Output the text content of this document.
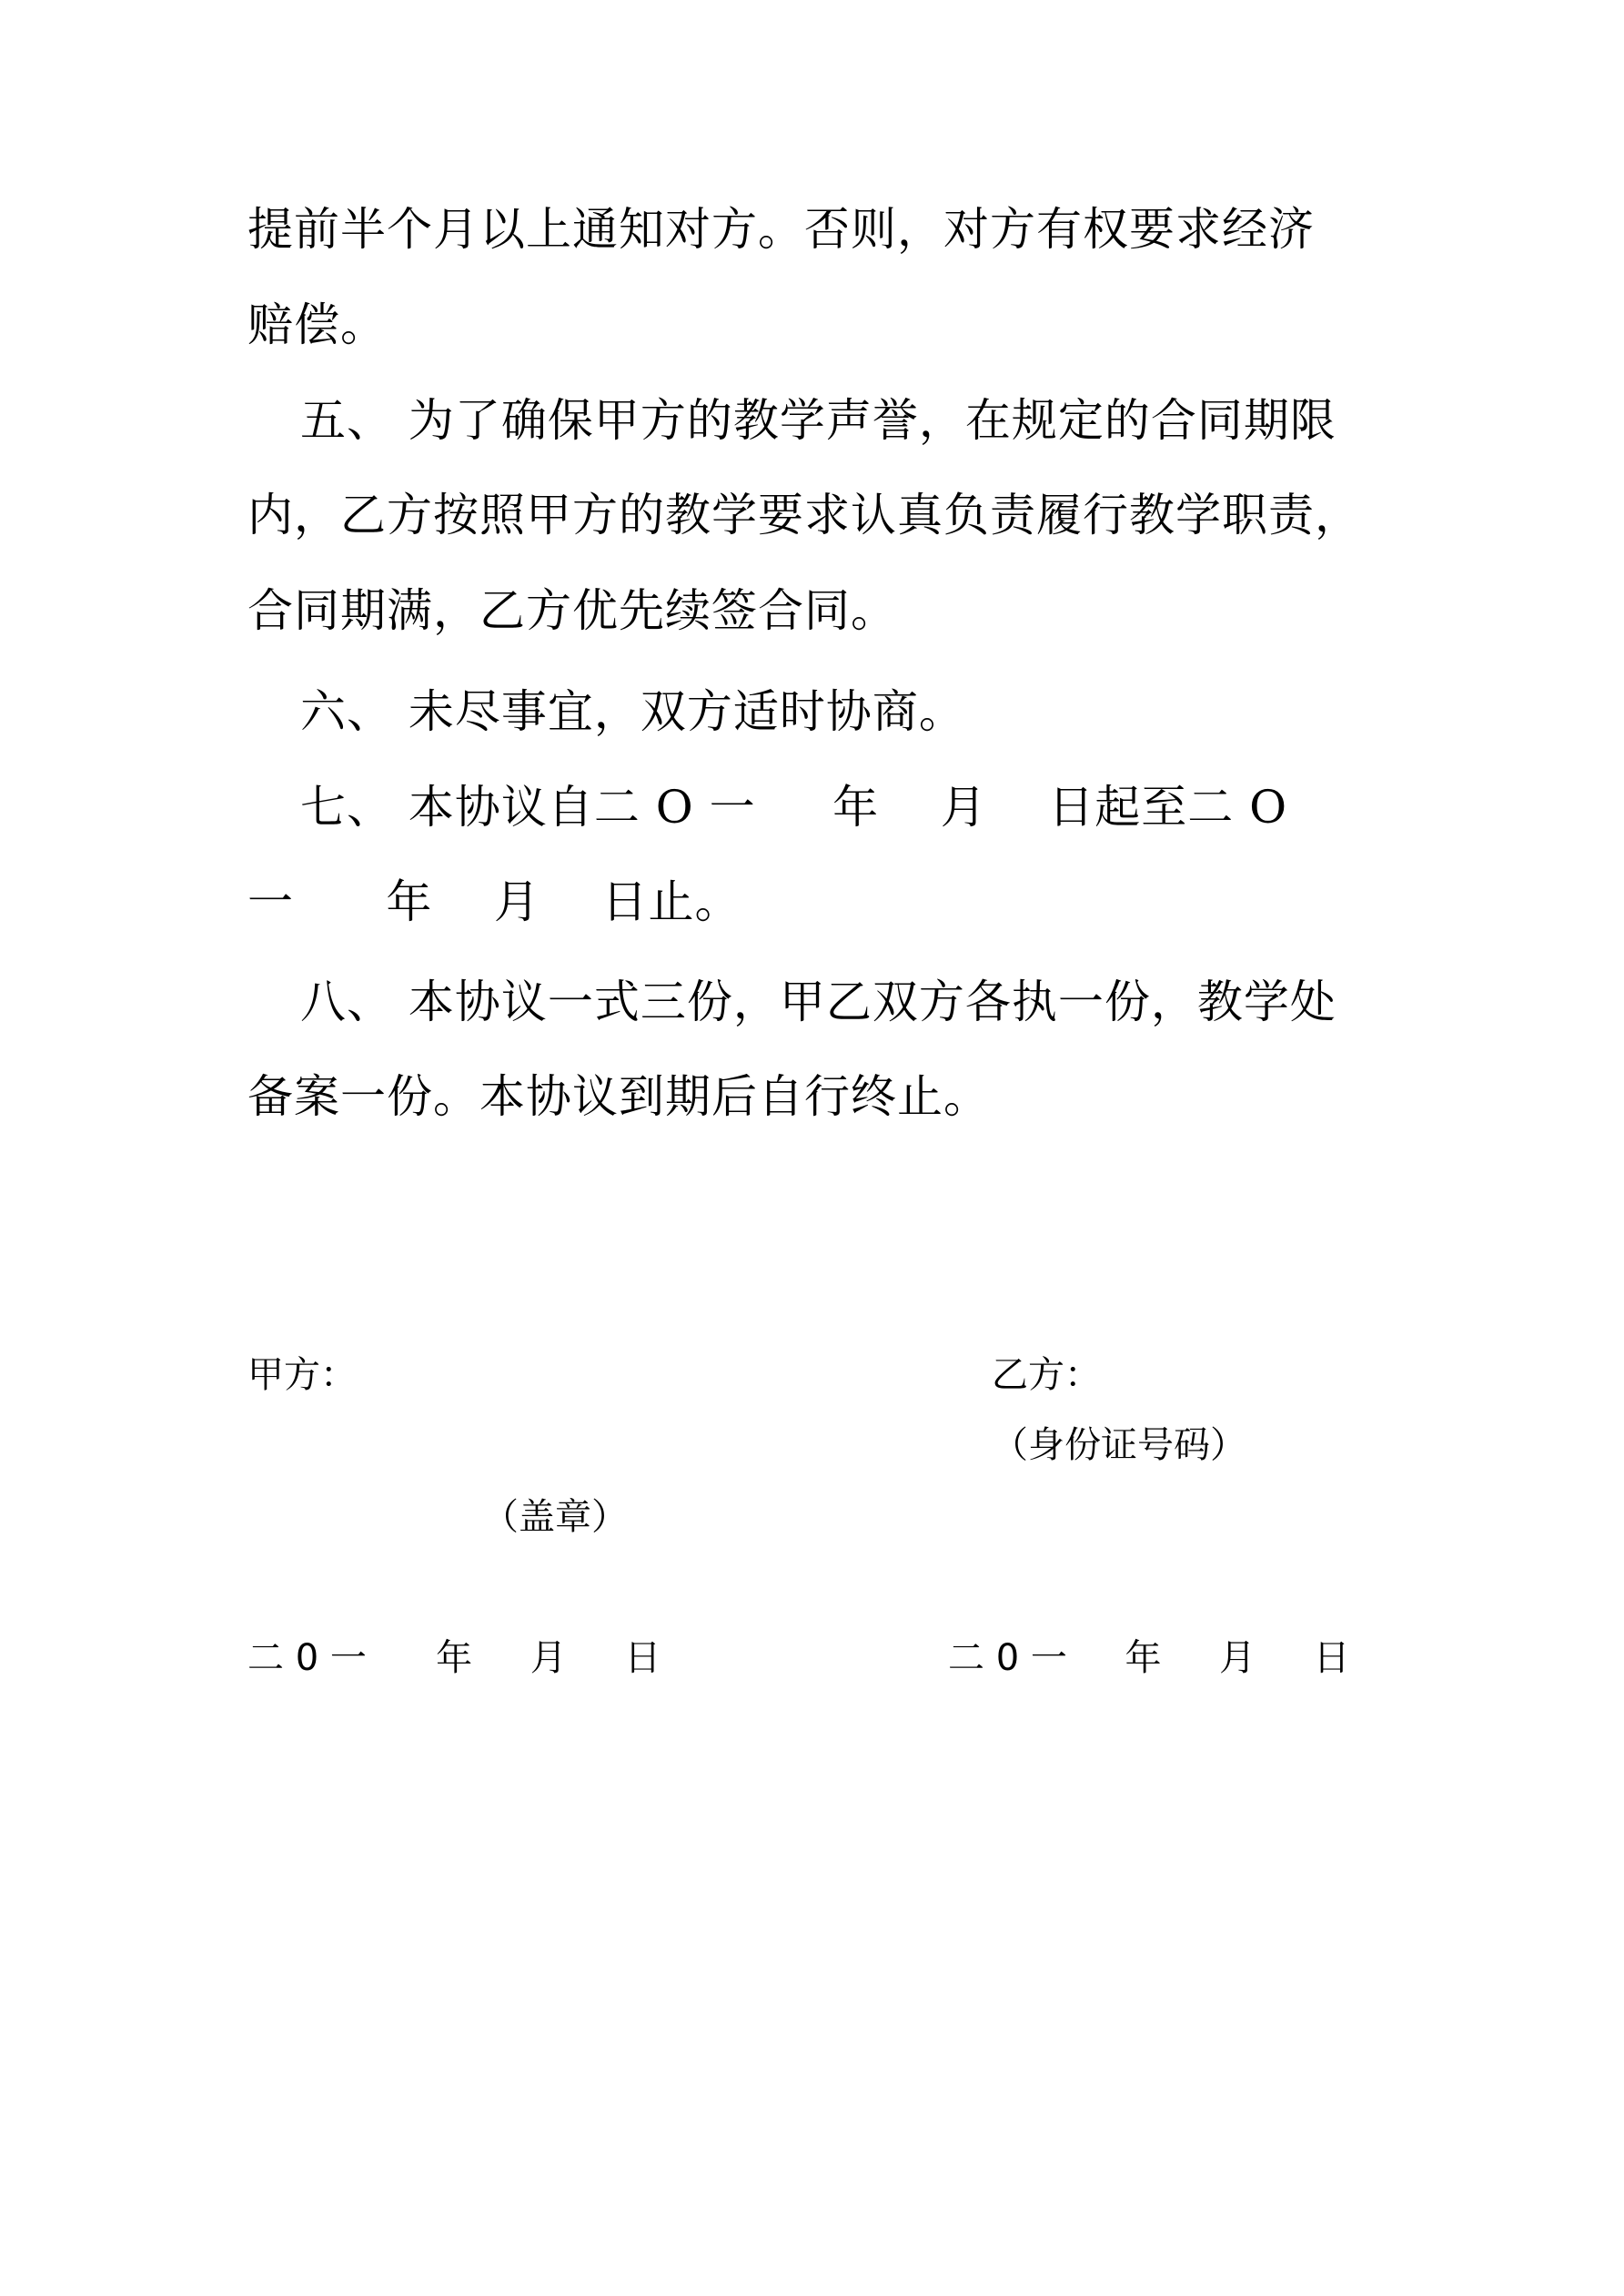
提前半个月以上通知对方。否则，对方有权要求经济
赔偿。
五、 为了确保甲方的教学声誉，在规定的合同期限
内，乙方按照甲方的教学要求认真负责履行教学职责，
合同期满，乙方优先续签合同。
六、 未尽事宜，双方适时协商。
七、 本协议自二 O 一     年    月    日起至二 O
一      年    月    日止。
八、 本协议一式三份，甲乙双方各执一份，教学处
备案一份。本协议到期后自行终止。
甲方：	乙方：
（身份证号码）
（盖章）
二 0 一      年     月     日	二 0 一     年     月     日
